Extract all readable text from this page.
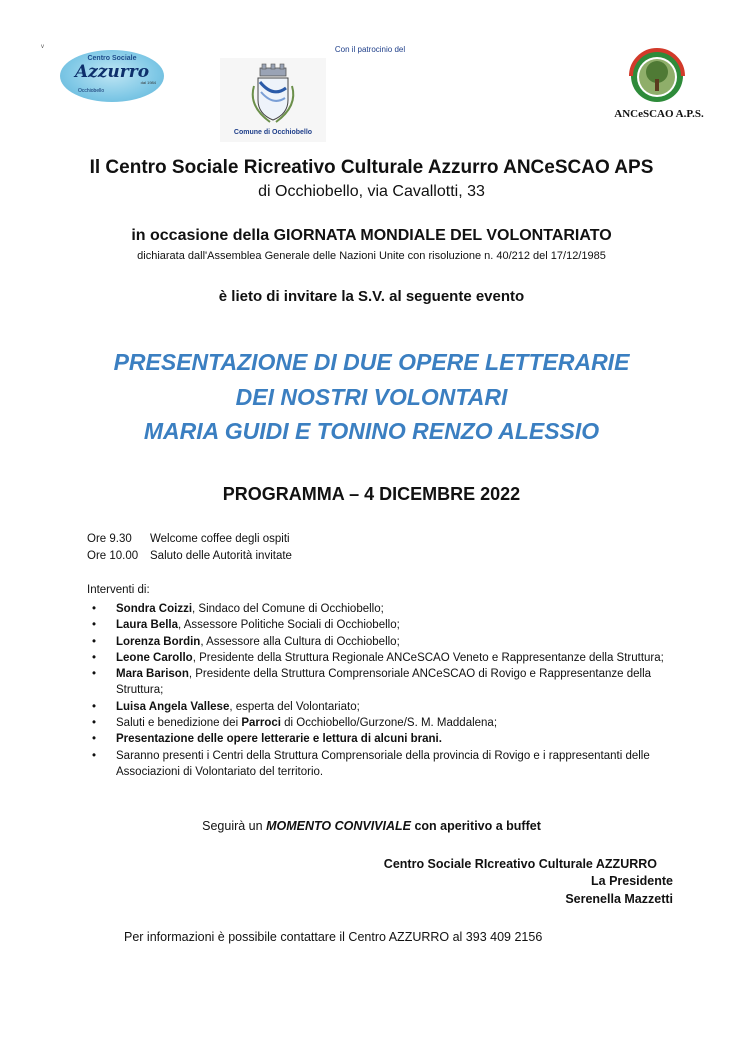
v
Centro Sociale
Azzurro
dal 1984
Occhiobello
Con il patrocinio del
Comune di Occhiobello
ANCeSCAO A.P.S.
Il Centro Sociale Ricreativo Culturale Azzurro ANCeSCAO APS
di Occhiobello, via Cavallotti, 33
in occasione della GIORNATA MONDIALE DEL VOLONTARIATO
dichiarata dall'Assemblea Generale delle Nazioni Unite con risoluzione n. 40/212 del 17/12/1985
è lieto di invitare la S.V. al seguente evento
PRESENTAZIONE DI DUE OPERE LETTERARIE
DEI NOSTRI VOLONTARI
MARIA GUIDI E TONINO RENZO ALESSIO
PROGRAMMA – 4 DICEMBRE 2022
Ore 9.30 Welcome coffee degli ospiti
Ore 10.00 Saluto delle Autorità invitate
Interventi di:
• Sondra Coizzi, Sindaco del Comune di Occhiobello;
• Laura Bella, Assessore Politiche Sociali di Occhiobello;
• Lorenza Bordin, Assessore alla Cultura di Occhiobello;
• Leone Carollo, Presidente della Struttura Regionale ANCeSCAO Veneto e Rappresentanze della Struttura;
• Mara Barison, Presidente della Struttura Comprensoriale ANCeSCAO di Rovigo e Rappresentanze della Struttura;
• Luisa Angela Vallese, esperta del Volontariato;
• Saluti e benedizione dei Parroci di Occhiobello/Gurzone/S. M. Maddalena;
• Presentazione delle opere letterarie e lettura di alcuni brani.
• Saranno presenti i Centri della Struttura Comprensoriale della provincia di Rovigo e i rappresentanti delle Associazioni di Volontariato del territorio.
Seguirà un MOMENTO CONVIVIALE con aperitivo a buffet
Centro Sociale RIcreativo Culturale AZZURRO
La Presidente
Serenella Mazzetti
Per informazioni è possibile contattare il Centro AZZURRO al 393 409 2156
